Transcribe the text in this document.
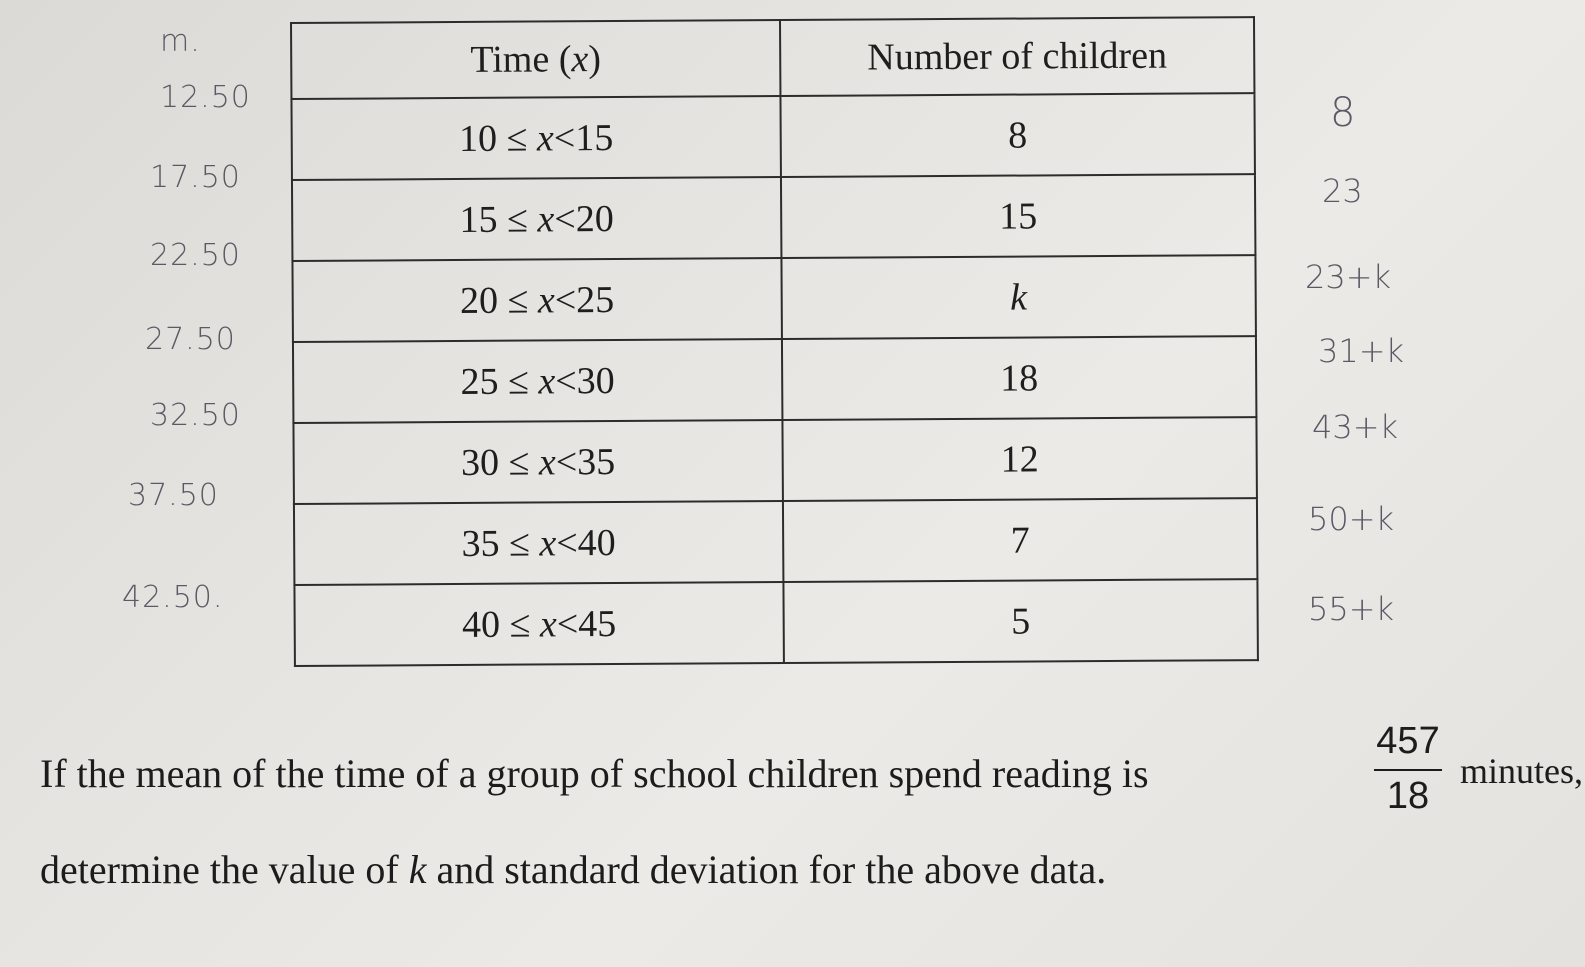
m.
12.50
17.50
22.50
27.50
32.50
37.50
42.50.
8
23
23+k
31+k
43+k
50+k
55+k
Time (x)	Number of children
10 ≤ x<15	8
15 ≤ x<20	15
20 ≤ x<25	k
25 ≤ x<30	18
30 ≤ x<35	12
35 ≤ x<40	7
40 ≤ x<45	5
If the mean of the time of a group of school children spend reading is
457
18
minutes,
determine the value of k and standard deviation for the above data.
